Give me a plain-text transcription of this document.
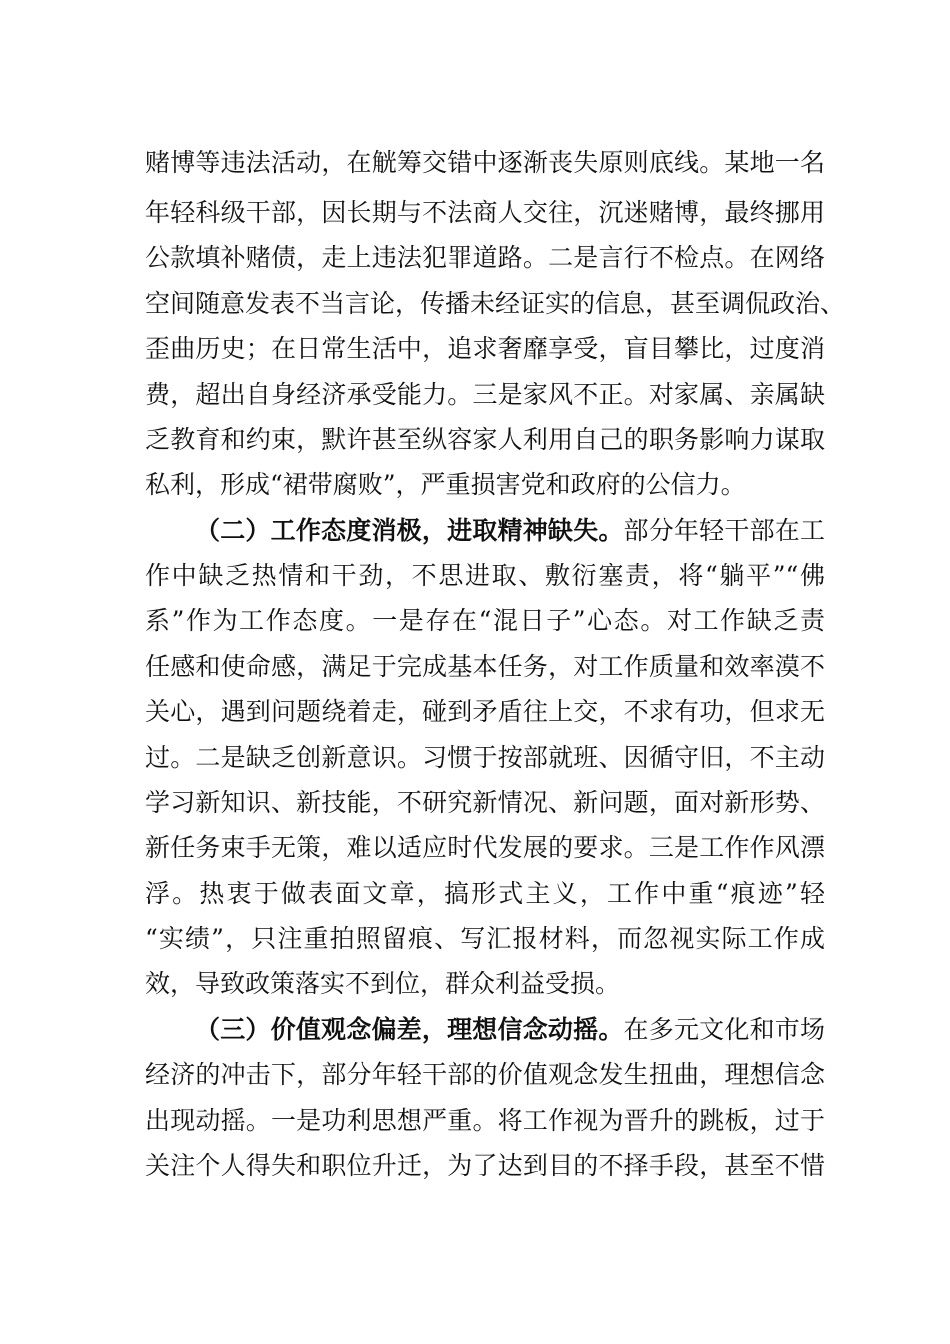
赌博等违法活动，在觥筹交错中逐渐丧失原则底线。某地一名
年轻科级干部，因长期与不法商人交往，沉迷赌博，最终挪用
公款填补赌债，走上违法犯罪道路。二是言行不检点。在网络
空间随意发表不当言论，传播未经证实的信息，甚至调侃政治、
歪曲历史；在日常生活中，追求奢靡享受，盲目攀比，过度消
费，超出自身经济承受能力。三是家风不正。对家属、亲属缺
乏教育和约束，默许甚至纵容家人利用自己的职务影响力谋取
私利，形成“裙带腐败”，严重损害党和政府的公信力。
（二）工作态度消极，进取精神缺失。部分年轻干部在工
作中缺乏热情和干劲，不思进取、敷衍塞责，将“躺平”“佛
系”作为工作态度。一是存在“混日子”心态。对工作缺乏责
任感和使命感，满足于完成基本任务，对工作质量和效率漠不
关心，遇到问题绕着走，碰到矛盾往上交，不求有功，但求无
过。二是缺乏创新意识。习惯于按部就班、因循守旧，不主动
学习新知识、新技能，不研究新情况、新问题，面对新形势、
新任务束手无策，难以适应时代发展的要求。三是工作作风漂
浮。热衷于做表面文章，搞形式主义，工作中重“痕迹”轻
“实绩”，只注重拍照留痕、写汇报材料，而忽视实际工作成
效，导致政策落实不到位，群众利益受损。
（三）价值观念偏差，理想信念动摇。在多元文化和市场
经济的冲击下，部分年轻干部的价值观念发生扭曲，理想信念
出现动摇。一是功利思想严重。将工作视为晋升的跳板，过于
关注个人得失和职位升迁，为了达到目的不择手段，甚至不惜
